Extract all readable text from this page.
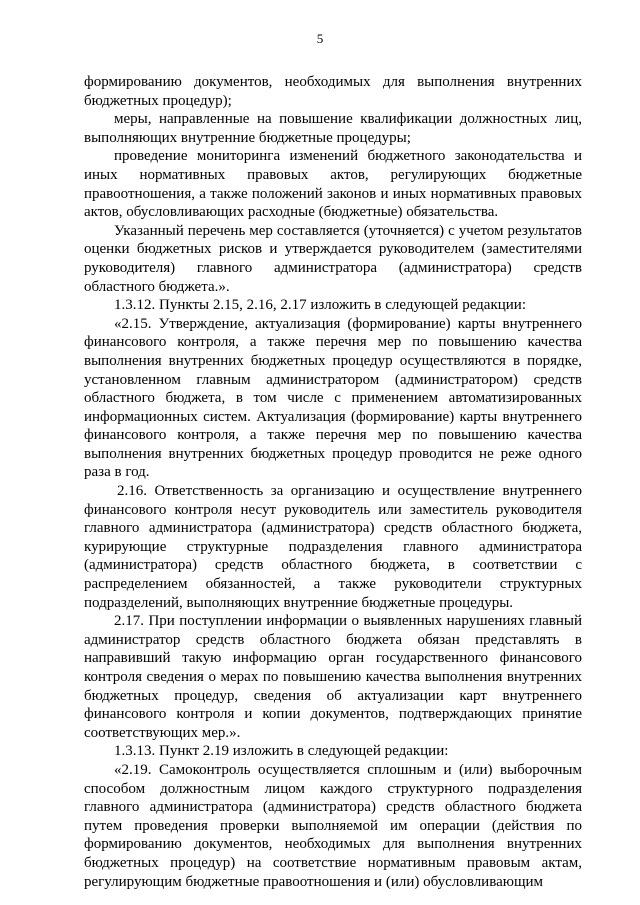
5

формированию документов, необходимых для выполнения внутренних бюджетных процедур);

меры, направленные на повышение квалификации должностных лиц, выполняющих внутренние бюджетные процедуры;

проведение мониторинга изменений бюджетного законодательства и иных нормативных правовых актов, регулирующих бюджетные правоотношения, а также положений законов и иных нормативных правовых актов, обусловливающих расходные (бюджетные) обязательства.

Указанный перечень мер составляется (уточняется) с учетом результатов оценки бюджетных рисков и утверждается руководителем (заместителями руководителя) главного администратора (администратора) средств областного бюджета.».

1.3.12. Пункты 2.15, 2.16, 2.17 изложить в следующей редакции:

«2.15. Утверждение, актуализация (формирование) карты внутреннего финансового контроля, а также перечня мер по повышению качества выполнения внутренних бюджетных процедур осуществляются в порядке, установленном главным администратором (администратором) средств областного бюджета, в том числе с применением автоматизированных информационных систем. Актуализация (формирование) карты внутреннего финансового контроля, а также перечня мер по повышению качества выполнения внутренних бюджетных процедур проводится не реже одного раза в год.

2.16. Ответственность за организацию и осуществление внутреннего финансового контроля несут руководитель или заместитель руководителя главного администратора (администратора) средств областного бюджета, курирующие структурные подразделения главного администратора (администратора) средств областного бюджета, в соответствии с распределением обязанностей, а также руководители структурных подразделений, выполняющих внутренние бюджетные процедуры.

2.17. При поступлении информации о выявленных нарушениях главный администратор средств областного бюджета обязан представлять в направивший такую информацию орган государственного финансового контроля сведения о мерах по повышению качества выполнения внутренних бюджетных процедур, сведения об актуализации карт внутреннего финансового контроля и копии документов, подтверждающих принятие соответствующих мер.».

1.3.13. Пункт 2.19 изложить в следующей редакции:

«2.19. Самоконтроль осуществляется сплошным и (или) выборочным способом должностным лицом каждого структурного подразделения главного администратора (администратора) средств областного бюджета путем проведения проверки выполняемой им операции (действия по формированию документов, необходимых для выполнения внутренних бюджетных процедур) на соответствие нормативным правовым актам, регулирующим бюджетные правоотношения и (или) обусловливающим
